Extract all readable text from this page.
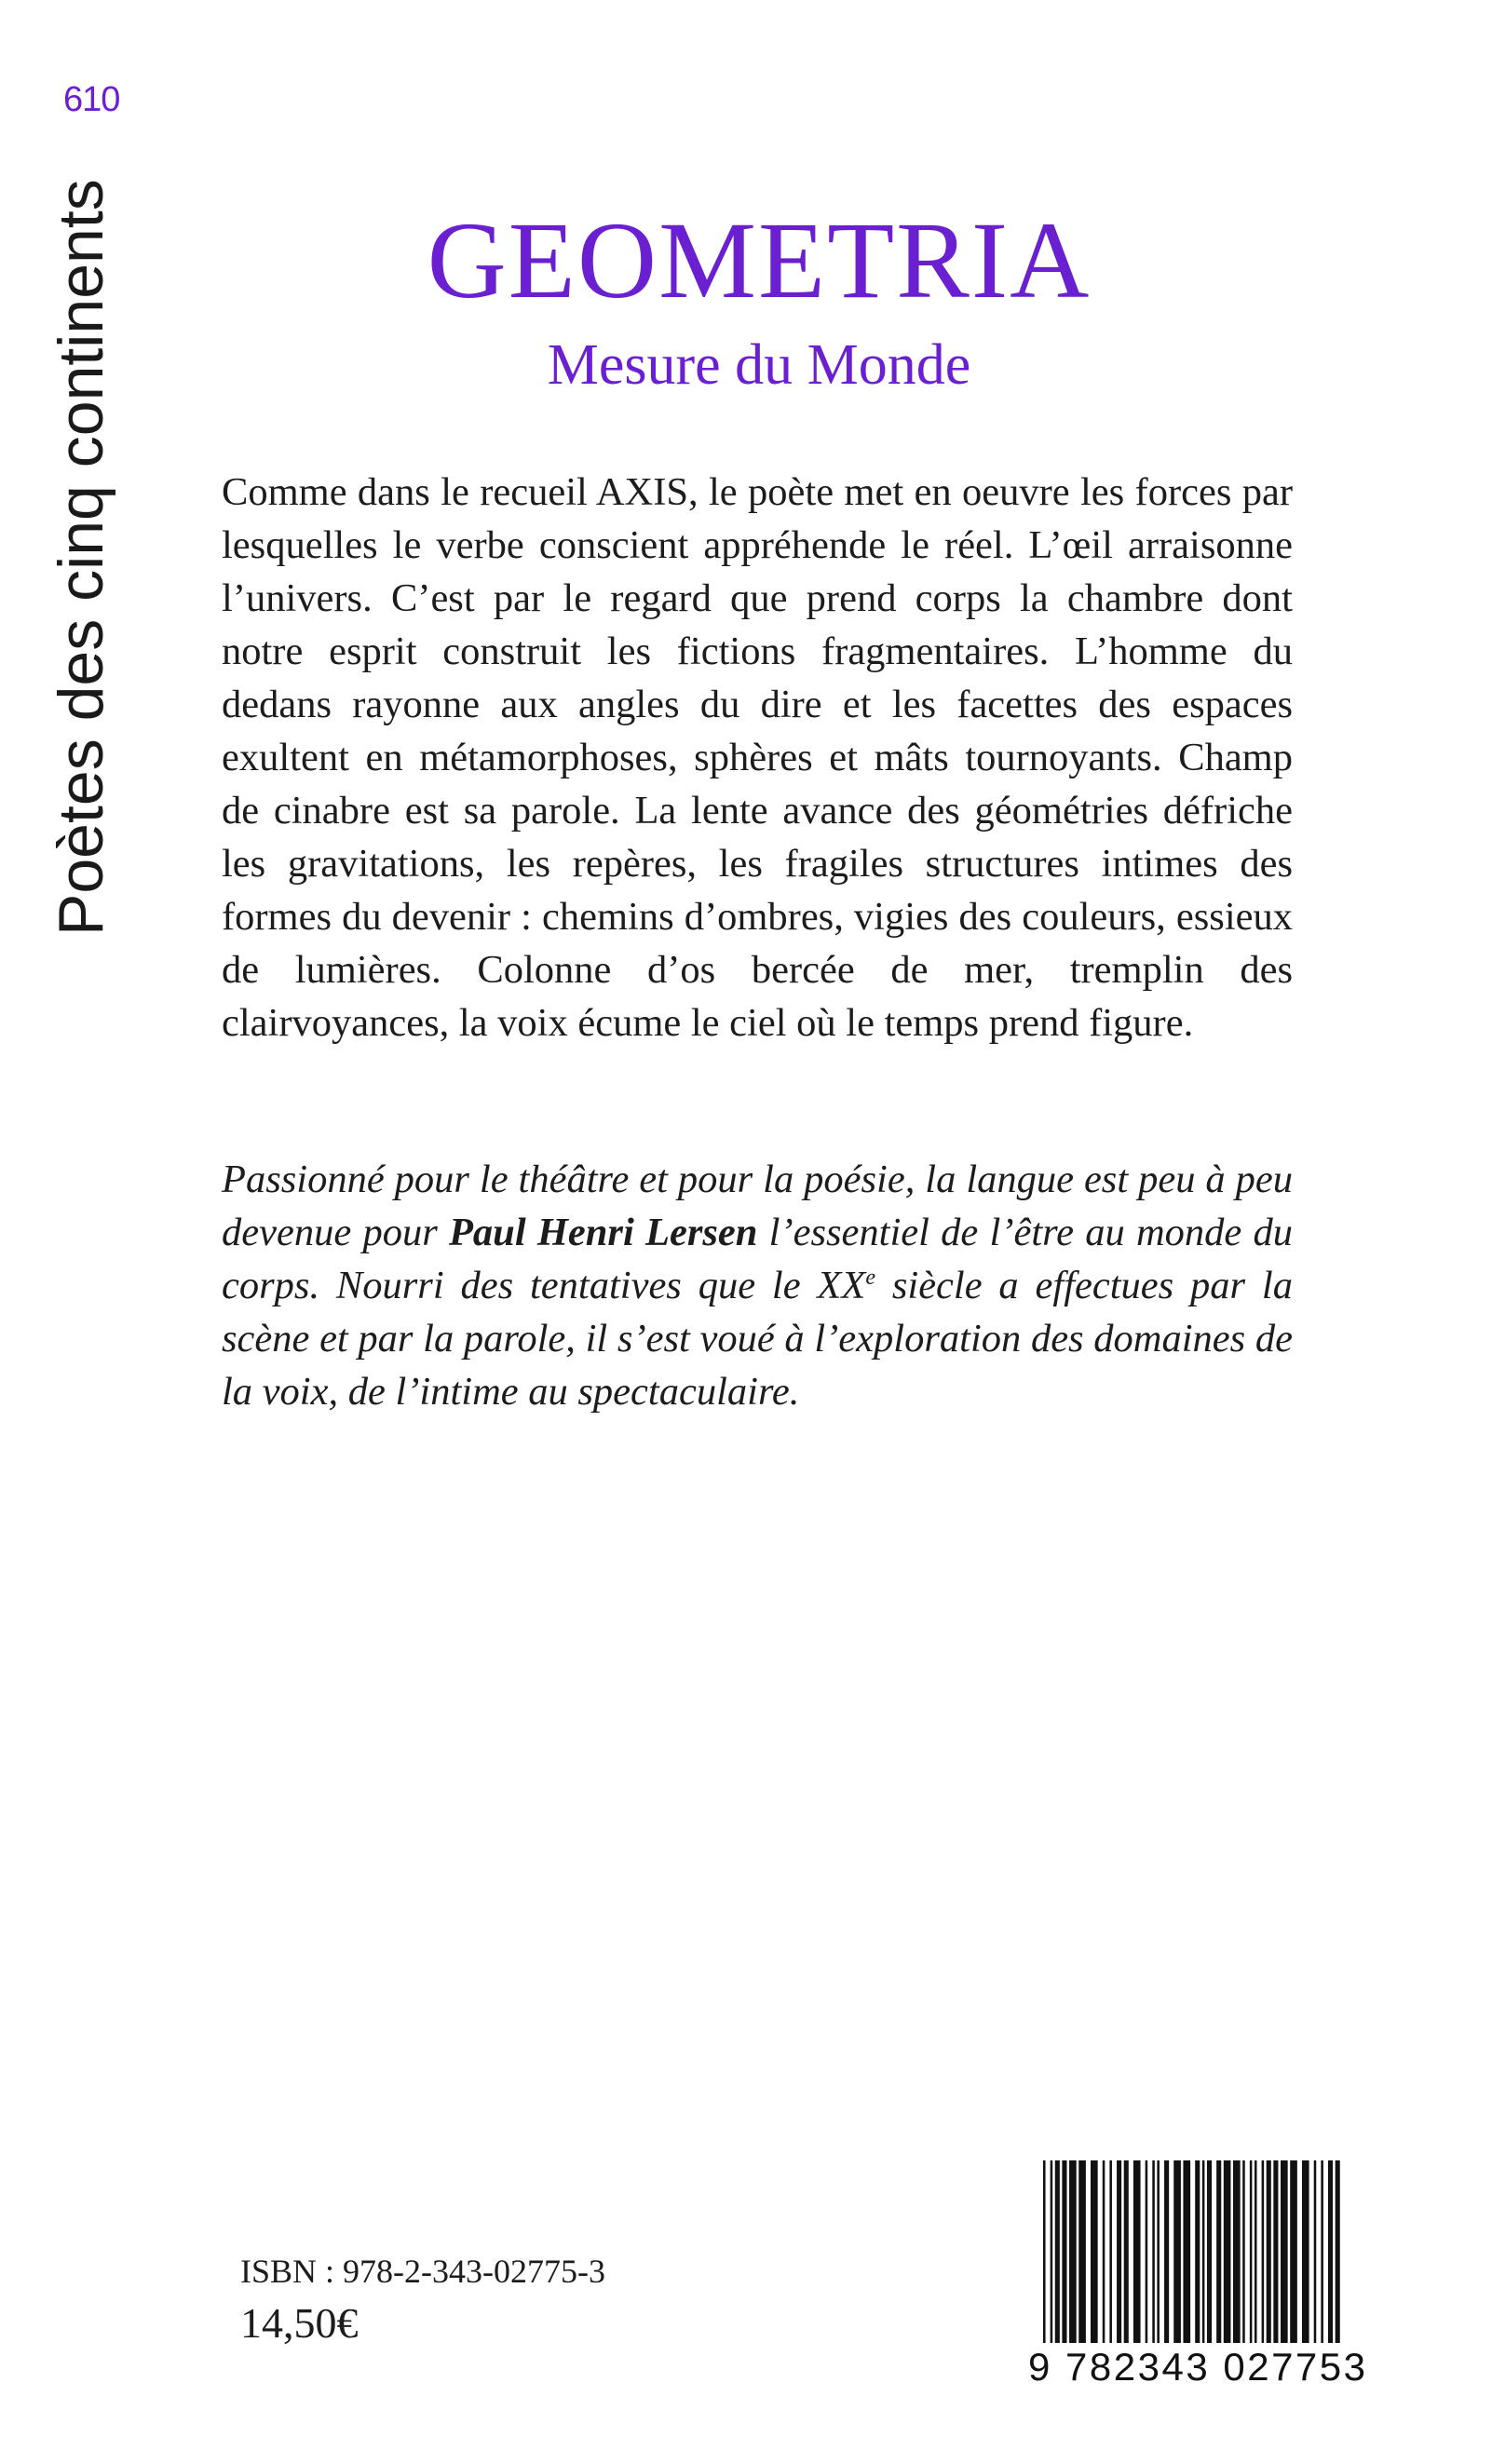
610
Poètes des cinq continents	GEOMETRIA
Mesure du Monde

Comme dans le recueil AXIS, le poète met en oeuvre les forces par lesquelles le verbe conscient appréhende le réel. L’œil arraisonne l’univers. C’est par le regard que prend corps la chambre dont notre esprit construit les fictions fragmentaires. L’homme du dedans rayonne aux angles du dire et les facettes des espaces exultent en métamorphoses, sphères et mâts tournoyants. Champ de cinabre est sa parole. La lente avance des géométries défriche les gravitations, les repères, les fragiles structures intimes des formes du devenir : chemins d’ombres, vigies des couleurs, essieux de lumières. Colonne d’os bercée de mer, tremplin des clairvoyances, la voix écume le ciel où le temps prend figure.

Passionné pour le théâtre et pour la poésie, la langue est peu à peu devenue pour Paul Henri Lersen l’essentiel de l’être au monde du corps. Nourri des tentatives que le XXe siècle a effectues par la scène et par la parole, il s’est voué à l’exploration des domaines de la voix, de l’intime au spectaculaire.

ISBN : 978-2-343-02775-3
14,50€
9 782343 027753
